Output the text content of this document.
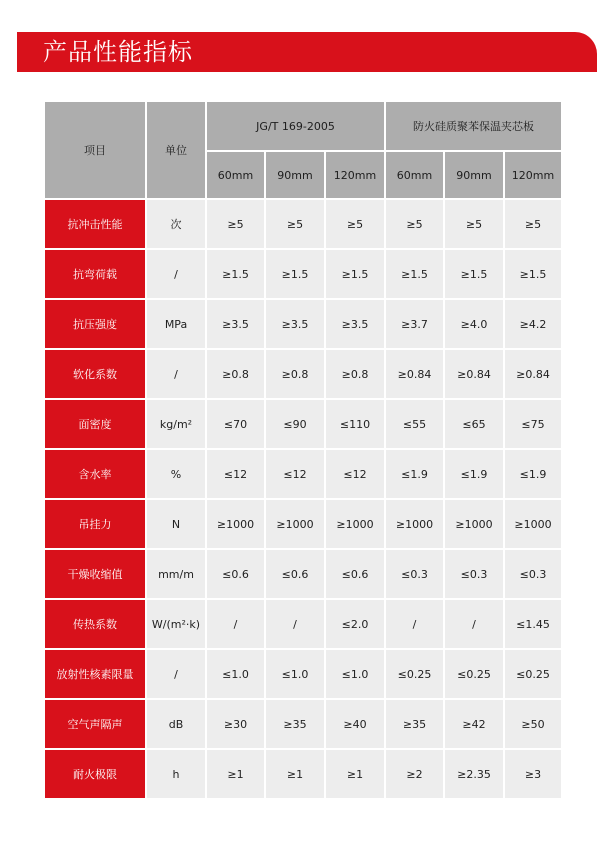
产品性能指标
项目	单位	JG/T 169-2005			防火硅质聚苯保温夹芯板		
		60mm	90mm	120mm	60mm	90mm	120mm
抗冲击性能	次	≥5	≥5	≥5	≥5	≥5	≥5
抗弯荷载	/	≥1.5	≥1.5	≥1.5	≥1.5	≥1.5	≥1.5
抗压强度	MPa	≥3.5	≥3.5	≥3.5	≥3.7	≥4.0	≥4.2
软化系数	/	≥0.8	≥0.8	≥0.8	≥0.84	≥0.84	≥0.84
面密度	kg/m²	≤70	≤90	≤110	≤55	≤65	≤75
含水率	%	≤12	≤12	≤12	≤1.9	≤1.9	≤1.9
吊挂力	N	≥1000	≥1000	≥1000	≥1000	≥1000	≥1000
干燥收缩值	mm/m	≤0.6	≤0.6	≤0.6	≤0.3	≤0.3	≤0.3
传热系数	W/(m²·k)	/	/	≤2.0	/	/	≤1.45
放射性核素限量	/	≤1.0	≤1.0	≤1.0	≤0.25	≤0.25	≤0.25
空气声隔声	dB	≥30	≥35	≥40	≥35	≥42	≥50
耐火极限	h	≥1	≥1	≥1	≥2	≥2.35	≥3
